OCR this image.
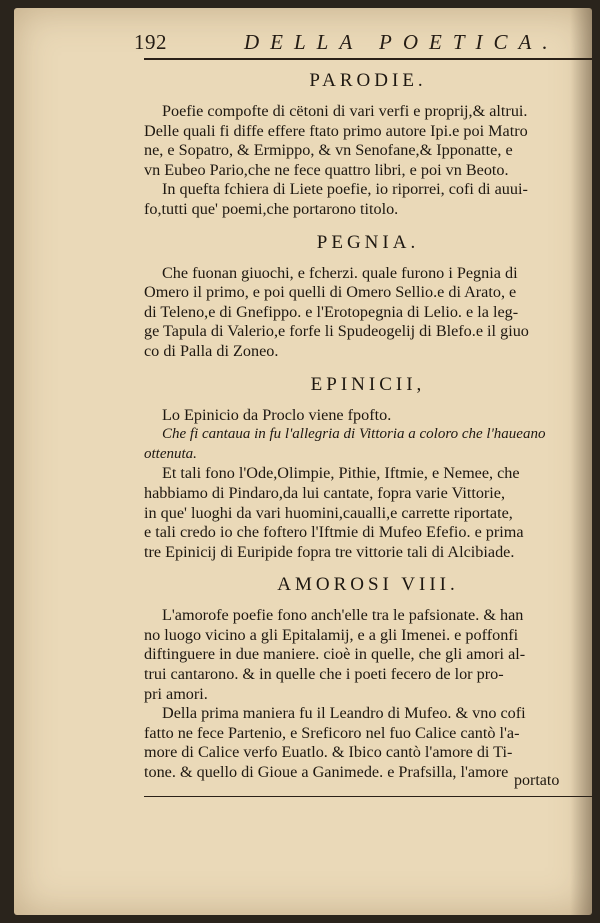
192	DELLA POETICA.
PARODIE.
Poefie compofte di cëtoni di vari verfi e proprij,& altrui.
Delle quali fi diffe effere ftato primo autore Ipi.e poi Matro
ne, e Sopatro, & Ermippo, & vn Senofane,& Ipponatte, e
vn Eubeo Pario,che ne fece quattro libri, e poi vn Beoto.
In quefta fchiera di Liete poefie, io riporrei, cofi di auui-
fo,tutti que' poemi,che portarono titolo.
PEGNIA.
Che fuonan giuochi, e fcherzi. quale furono i Pegnia di
Omero il primo, e poi quelli di Omero Sellio.e di Arato, e
di Teleno,e di Gnefippo. e l'Erotopegnia di Lelio. e la leg-
ge Tapula di Valerio,e forfe li Spudeogelij di Blefo.e il giuo
co di Palla di Zoneo.
EPINICII,
Lo Epinicio da Proclo viene fpofto.
Che fi cantaua in fu l'allegria di Vittoria a coloro che l'haueano
ottenuta.
Et tali fono l'Ode,Olimpie, Pithie, Iftmie, e Nemee, che
habbiamo di Pindaro,da lui cantate, fopra varie Vittorie,
in que' luoghi da vari huomini,caualli,e carrette riportate,
e tali credo io che foftero l'Iftmie di Mufeo Efefio. e prima
tre Epinicij di Euripide fopra tre vittorie tali di Alcibiade.
AMOROSI VIII.
L'amorofe poefie fono anch'elle tra le pafsionate. & han
no luogo vicino a gli Epitalamij, e a gli Imenei. e poffonfi
diftinguere in due maniere. cioè in quelle, che gli amori al-
trui cantarono. & in quelle che i poeti fecero de lor pro-
pri amori.
Della prima maniera fu il Leandro di Mufeo. & vno cofi
fatto ne fece Partenio, e Sreficoro nel fuo Calice cantò l'a-
more di Calice verfo Euatlo. & Ibico cantò l'amore di Ti-
tone. & quello di Gioue a Ganimede. e Prafsilla, l'amore portato
